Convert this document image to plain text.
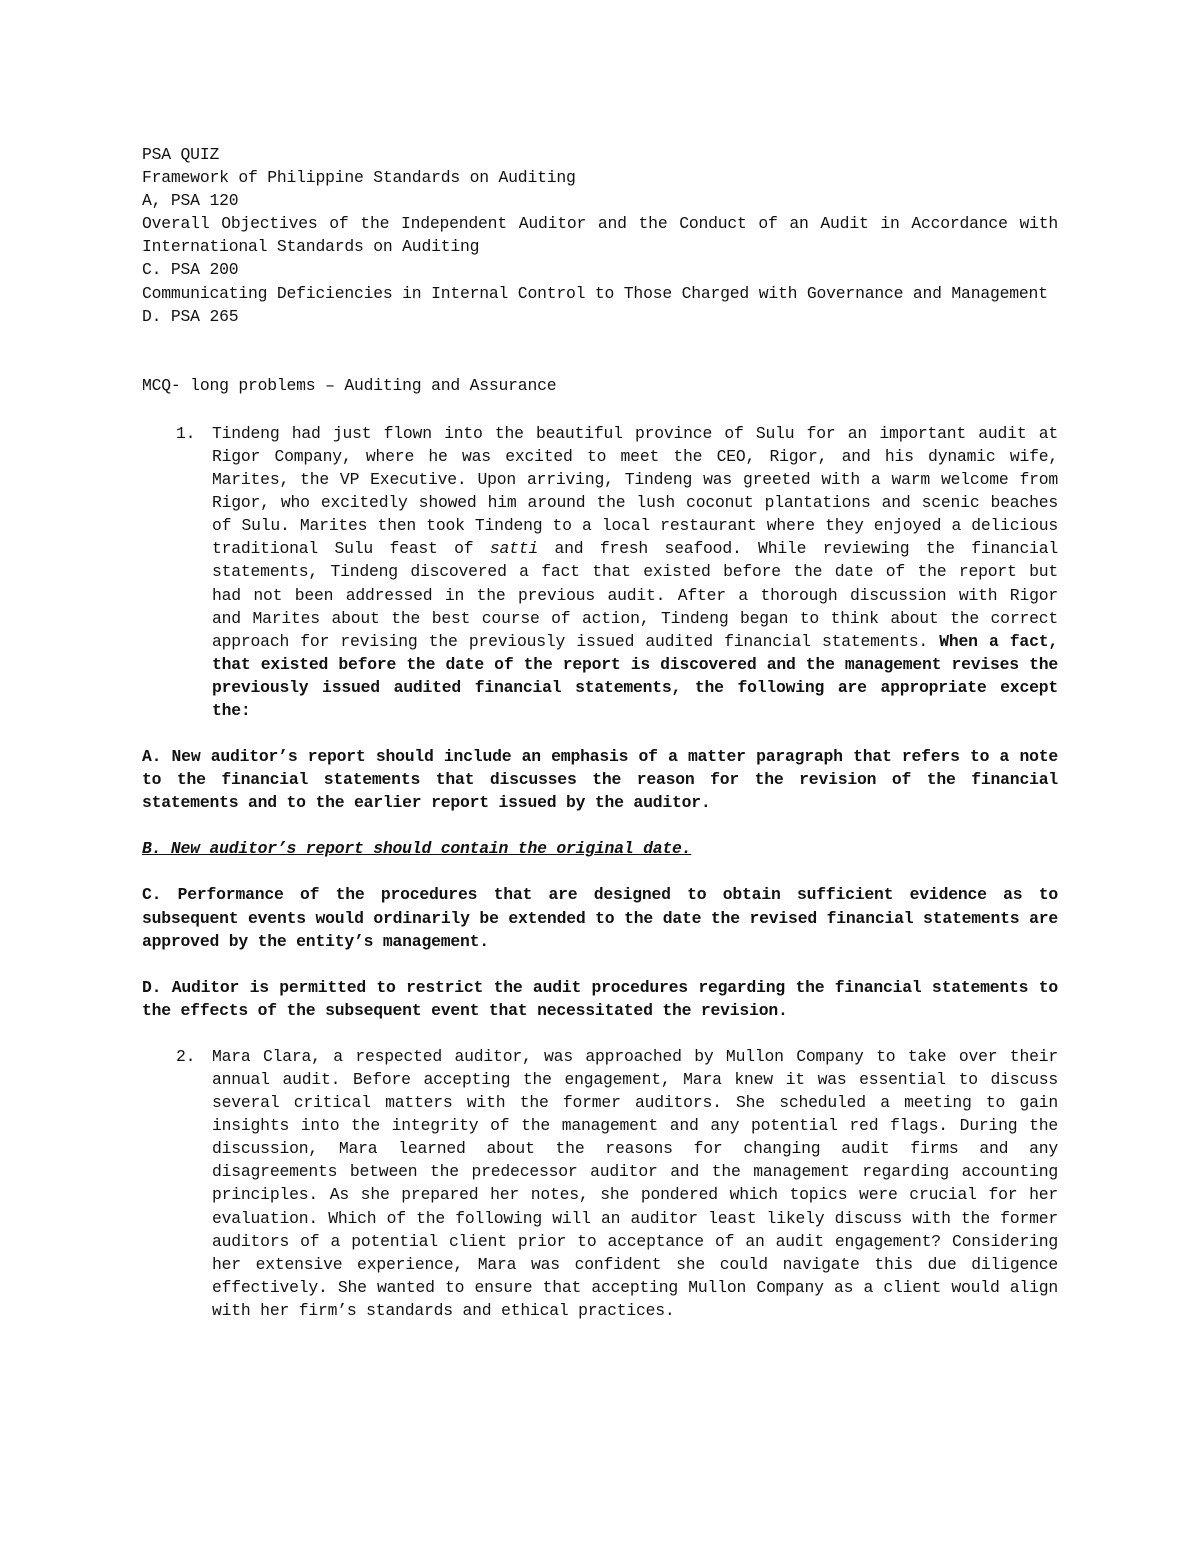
PSA QUIZ
Framework of Philippine Standards on Auditing
A, PSA 120
Overall Objectives of the Independent Auditor and the Conduct of an Audit in Accordance with International Standards on Auditing
C. PSA 200
Communicating Deficiencies in Internal Control to Those Charged with Governance and Management
D. PSA 265
MCQ- long problems – Auditing and Assurance
1. Tindeng had just flown into the beautiful province of Sulu for an important audit at Rigor Company, where he was excited to meet the CEO, Rigor, and his dynamic wife, Marites, the VP Executive. Upon arriving, Tindeng was greeted with a warm welcome from Rigor, who excitedly showed him around the lush coconut plantations and scenic beaches of Sulu. Marites then took Tindeng to a local restaurant where they enjoyed a delicious traditional Sulu feast of satti and fresh seafood. While reviewing the financial statements, Tindeng discovered a fact that existed before the date of the report but had not been addressed in the previous audit. After a thorough discussion with Rigor and Marites about the best course of action, Tindeng began to think about the correct approach for revising the previously issued audited financial statements. When a fact, that existed before the date of the report is discovered and the management revises the previously issued audited financial statements, the following are appropriate except the:

A. New auditor’s report should include an emphasis of a matter paragraph that refers to a note to the financial statements that discusses the reason for the revision of the financial statements and to the earlier report issued by the auditor.

B. New auditor’s report should contain the original date.

C. Performance of the procedures that are designed to obtain sufficient evidence as to subsequent events would ordinarily be extended to the date the revised financial statements are approved by the entity’s management.

D. Auditor is permitted to restrict the audit procedures regarding the financial statements to the effects of the subsequent event that necessitated the revision.

2. Mara Clara, a respected auditor, was approached by Mullon Company to take over their annual audit. Before accepting the engagement, Mara knew it was essential to discuss several critical matters with the former auditors. She scheduled a meeting to gain insights into the integrity of the management and any potential red flags. During the discussion, Mara learned about the reasons for changing audit firms and any disagreements between the predecessor auditor and the management regarding accounting principles. As she prepared her notes, she pondered which topics were crucial for her evaluation. Which of the following will an auditor least likely discuss with the former auditors of a potential client prior to acceptance of an audit engagement? Considering her extensive experience, Mara was confident she could navigate this due diligence effectively. She wanted to ensure that accepting Mullon Company as a client would align with her firm’s standards and ethical practices.
